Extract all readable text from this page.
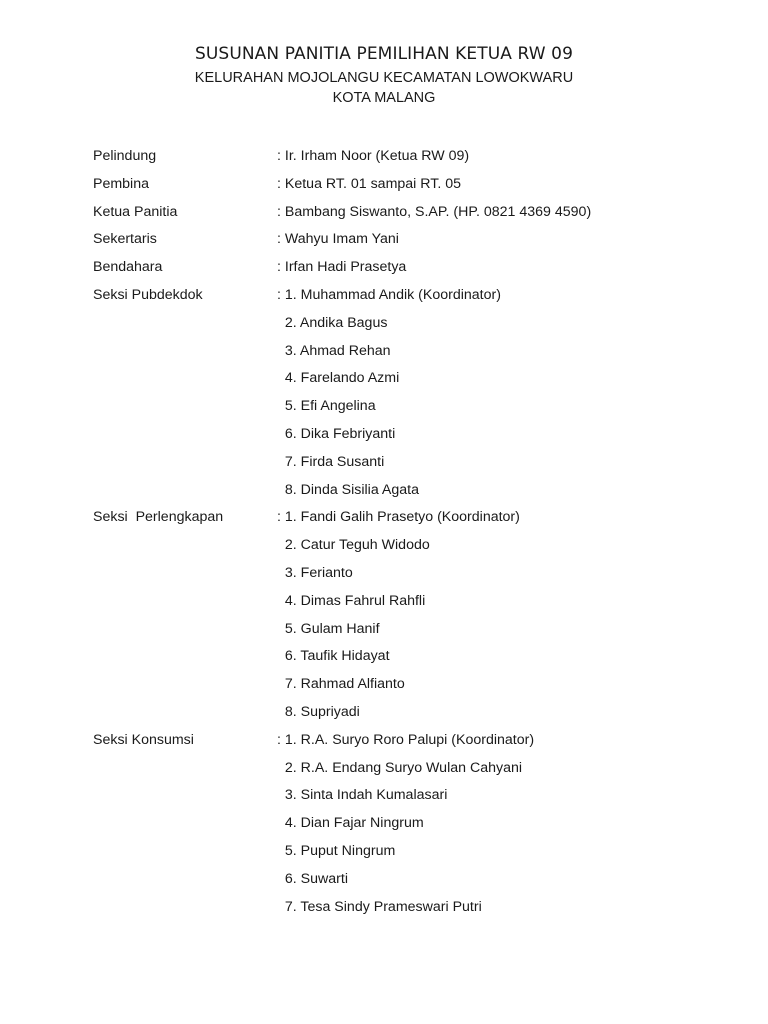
SUSUNAN PANITIA PEMILIHAN KETUA RW 09

KELURAHAN MOJOLANGU KECAMATAN LOWOKWARU

KOTA MALANG

Pelindung	: Ir. Irham Noor (Ketua RW 09)
Pembina	: Ketua RT. 01 sampai RT. 05
Ketua Panitia	: Bambang Siswanto, S.AP. (HP. 0821 4369 4590)
Sekertaris	: Wahyu Imam Yani
Bendahara	: Irfan Hadi Prasetya
Seksi Pubdekdok	: 1. Muhammad Andik (Koordinator)
2. Andika Bagus
3. Ahmad Rehan
4. Farelando Azmi
5. Efi Angelina
6. Dika Febriyanti
7. Firda Susanti
8. Dinda Sisilia Agata
Seksi  Perlengkapan	: 1. Fandi Galih Prasetyo (Koordinator)
2. Catur Teguh Widodo
3. Ferianto
4. Dimas Fahrul Rahfli
5. Gulam Hanif
6. Taufik Hidayat
7. Rahmad Alfianto
8. Supriyadi
Seksi Konsumsi	: 1. R.A. Suryo Roro Palupi (Koordinator)
2. R.A. Endang Suryo Wulan Cahyani
3. Sinta Indah Kumalasari
4. Dian Fajar Ningrum
5. Puput Ningrum
6. Suwarti
7. Tesa Sindy Prameswari Putri
